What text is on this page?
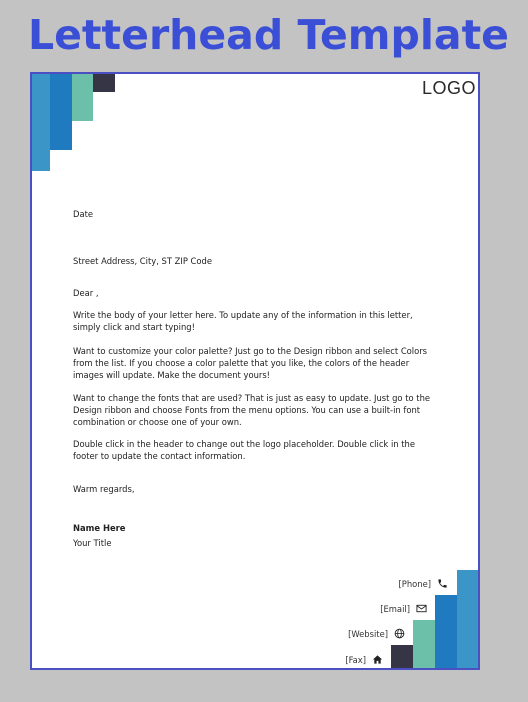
Letterhead Template
LOGO
Date
Street Address, City, ST ZIP Code
Dear ,
Write the body of your letter here. To update any of the information in this letter, simply click and start typing!
Want to customize your color palette? Just go to the Design ribbon and select Colors from the list. If you choose a color palette that you like, the colors of the header images will update. Make the document yours!
Want to change the fonts that are used? That is just as easy to update. Just go to the Design ribbon and choose Fonts from the menu options. You can use a built-in font combination or choose one of your own.
Double click in the header to change out the logo placeholder. Double click in the footer to update the contact information.
Warm regards,
Name Here
Your Title
[Phone]
[Email]
[Website]
[Fax]
